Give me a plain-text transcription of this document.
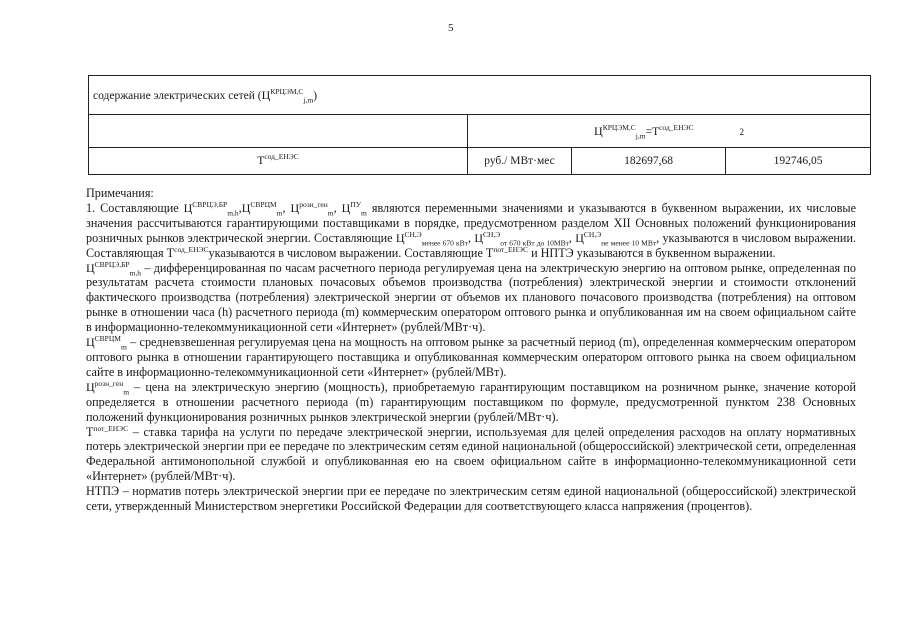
5
содержание электрических сетей $(Ц^{КРЦЭМ,С}_{j,m})$			
	$Ц^{КРЦЭМ,С}_{j,m}=Т^{сод\_ЕНЭС}$ 2		
$Т^{сод\_ЕНЭС}$	руб./ МВт·мес	182697,68	192746,05

Примечания:

1. Составляющие $Ц^{СВРЦЭ,БР}_{m,h},Ц^{СВРЦМ}_m$, $Ц^{розн\_ген}_m$, $Ц^{ПУ}_m$ являются переменными значениями и указываются в буквенном выражении, их числовые значения рассчитываются гарантирующими поставщиками в порядке, предусмотренном разделом XII Основных положений функционирования розничных рынков электрической энергии. Составляющие $Ц^{СН,Э}_{менее 670 кВт}$, $Ц^{СН,Э}_{от 670 кВт до 10МВт}$, $Ц^{СН,Э}_{не менее 10 МВт}$, указываются в числовом выражении. Составляющая $Т^{сод\_ЕНЭС}указываются$ в числовом выражении. Составляющие $Т^{пот\_ЕНЭС}$ и НПТЭ указываются в буквенном выражении.

$Ц^{СВРЦЭ,БР}_{m,h}$ – дифференцированная по часам расчетного периода регулируемая цена на электрическую энергию на оптовом рынке, определенная по результатам расчета стоимости плановых почасовых объемов производства (потребления) электрической энергии и стоимости отклонений фактического производства (потребления) электрической энергии от объемов их планового почасового производства (потребления) на оптовом рынке в отношении часа (h) расчетного периода (m) коммерческим оператором оптового рынка и опубликованная им на своем официальном сайте в информационно-телекоммуникационной сети «Интернет» (рублей/МВт·ч).

$Ц^{СВРЦМ}_m$ – средневзвешенная регулируемая цена на мощность на оптовом рынке за расчетный период (m), определенная коммерческим оператором оптового рынка в отношении гарантирующего поставщика и опубликованная коммерческим оператором оптового рынка на своем официальном сайте в информационно-телекоммуникационной сети «Интернет» (рублей/МВт).

$Ц^{розн\_ген}_m$ – цена на электрическую энергию (мощность), приобретаемую гарантирующим поставщиком на розничном рынке, значение которой определяется в отношении расчетного периода (m) гарантирующим поставщиком по формуле, предусмотренной пунктом 238 Основных положений функционирования розничных рынков электрической энергии (рублей/МВт·ч).

$Т^{пот\_ЕНЭС}$ – ставка тарифа на услуги по передаче электрической энергии, используемая для целей определения расходов на оплату нормативных потерь электрической энергии при ее передаче по электрическим сетям единой национальной (общероссийской) электрической сети, определенная Федеральной антимонопольной службой и опубликованная ею на своем официальном сайте в информационно-телекоммуникационной сети «Интернет» (рублей/МВт·ч).

НТПЭ – норматив потерь электрической энергии при ее передаче по электрическим сетям единой национальной (общероссийской) электрической сети, утвержденный Министерством энергетики Российской Федерации для соответствующего класса напряжения (процентов).
